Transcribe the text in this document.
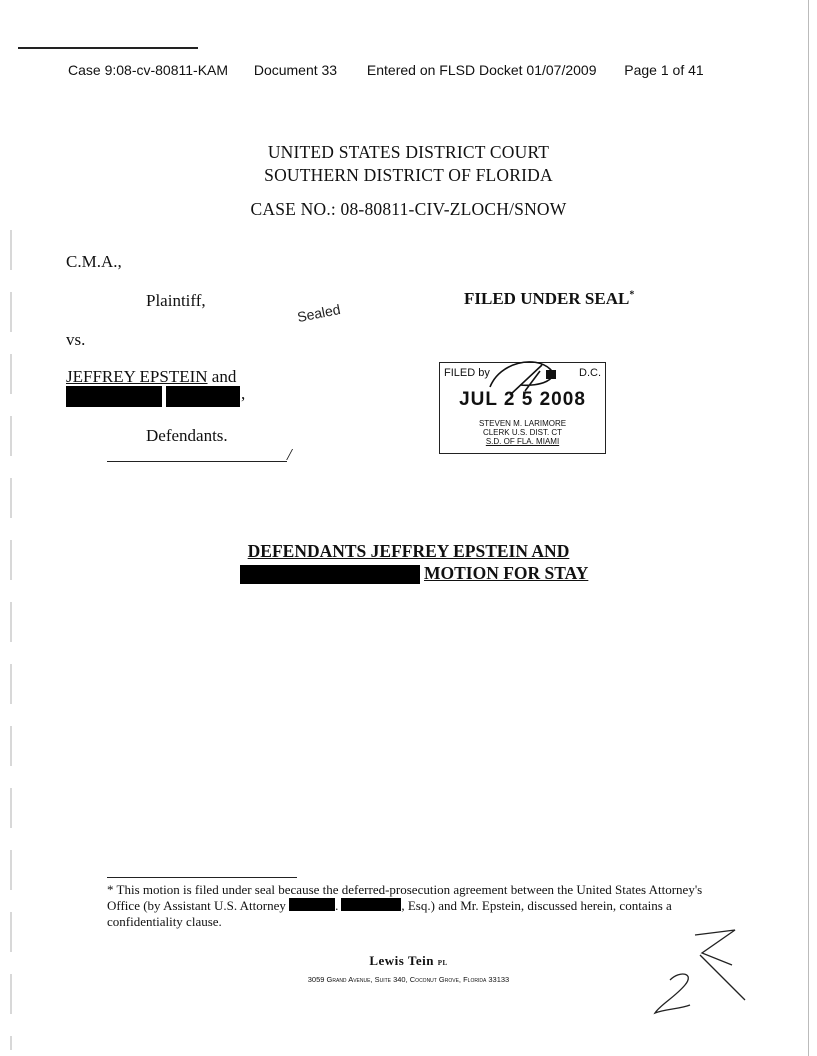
Case 9:08-cv-80811-KAM Document 33 Entered on FLSD Docket 01/07/2009 Page 1 of 41
UNITED STATES DISTRICT COURT
SOUTHERN DISTRICT OF FLORIDA
CASE NO.: 08-80811-CIV-ZLOCH/SNOW
C.M.A.,
Plaintiff,	FILED UNDER SEAL*
Sealed
vs.
JEFFREY EPSTEIN and
,
Defendants.
/
FILED by	D.C.
JUL 2 5 2008
STEVEN M. LARIMORE
CLERK U.S. DIST. CT
S.D. OF FLA. MIAMI
DEFENDANTS JEFFREY EPSTEIN AND
MOTION FOR STAY
* This motion is filed under seal because the deferred-prosecution agreement between the United States Attorney's Office (by Assistant U.S. Attorney	.	, Esq.) and Mr. Epstein, discussed herein, contains a confidentiality clause.
Lewis Tein PL
3059 Grand Avenue, Suite 340, Coconut Grove, Florida 33133
